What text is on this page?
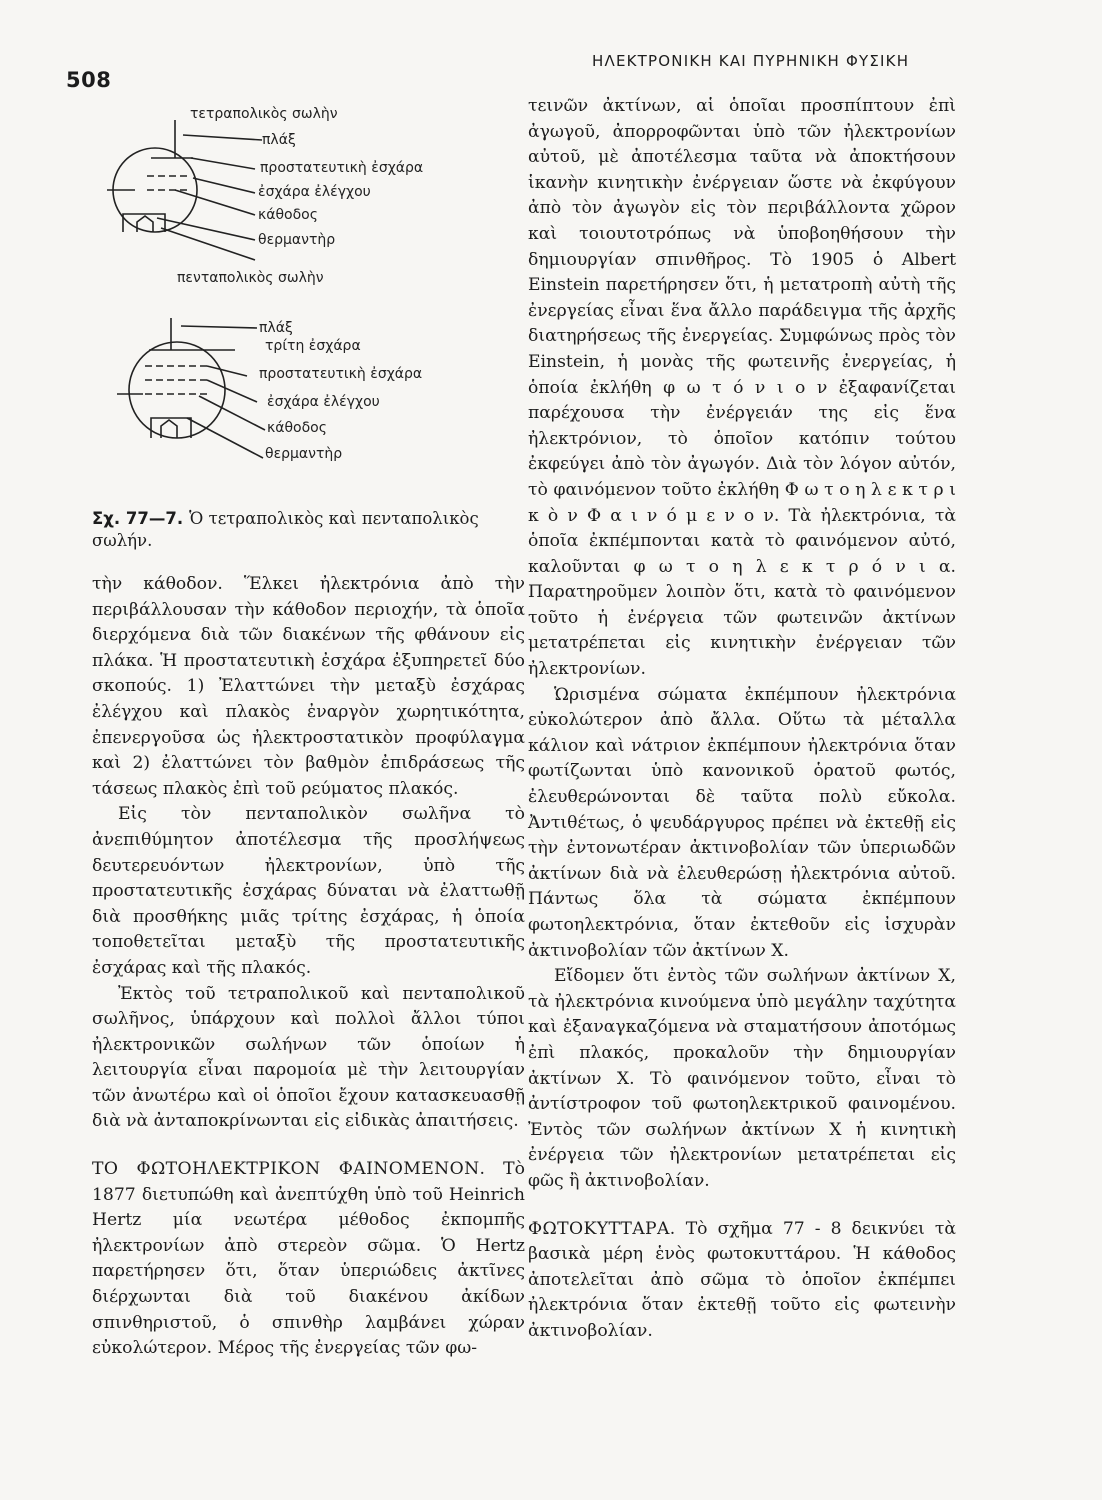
508
ΗΛΕΚΤΡΟΝΙΚΗ ΚΑΙ ΠΥΡΗΝΙΚΗ ΦΥΣΙΚΗ
τετραπολικὸς σωλὴν
πλάξ
προστατευτικὴ ἐσχάρα
ἐσχάρα ἐλέγχου
κάθοδος
θερμαντὴρ
πενταπολικὸς σωλὴν
πλάξ
τρίτη ἐσχάρα
προστατευτικὴ ἐσχάρα
ἐσχάρα ἐλέγχου
κάθοδος
θερμαντὴρ
Σχ. 77—7. Ὁ τετραπολικὸς καὶ πενταπολικὸς σωλήν.

τὴν κάθοδον. Ἕλκει ἠλεκτρόνια ἀπὸ τὴν περιβάλλουσαν τὴν κάθοδον περιοχήν, τὰ ὁποῖα διερχόμενα διὰ τῶν διακένων τῆς φθάνουν εἰς πλάκα. Ἡ προστατευτικὴ ἐσχάρα ἐξυπηρετεῖ δύο σκοπούς. 1) Ἐλαττώνει τὴν μεταξὺ ἐσχάρας ἐλέγχου καὶ πλακὸς ἐναργὸν χωρητικότητα, ἐπενεργοῦσα ὡς ἠλεκτροστατικὸν προφύλαγμα καὶ 2) ἐλαττώνει τὸν βαθμὸν ἐπιδράσεως τῆς τάσεως πλακὸς ἐπὶ τοῦ ρεύματος πλακός.

Εἰς τὸν πενταπολικὸν σωλῆνα τὸ ἀνεπιθύμητον ἀποτέλεσμα τῆς προσλήψεως δευτερευόντων ἠλεκτρονίων, ὑπὸ τῆς προστατευτικῆς ἐσχάρας δύναται νὰ ἐλαττωθῇ διὰ προσθήκης μιᾶς τρίτης ἐσχάρας, ἡ ὁποία τοποθετεῖται μεταξὺ τῆς προστατευτικῆς ἐσχάρας καὶ τῆς πλακός.

Ἐκτὸς τοῦ τετραπολικοῦ καὶ πενταπολικοῦ σωλῆνος, ὑπάρχουν καὶ πολλοὶ ἄλλοι τύποι ἠλεκτρονικῶν σωλήνων τῶν ὁποίων ἡ λειτουργία εἶναι παρομοία μὲ τὴν λειτουργίαν τῶν ἀνωτέρω καὶ οἱ ὁποῖοι ἔχουν κατασκευασθῇ διὰ νὰ ἀνταποκρίνωνται εἰς εἰδικὰς ἀπαιτήσεις.

ΤΟ ΦΩΤΟΗΛΕΚΤΡΙΚΟΝ ΦΑΙΝΟΜΕΝΟΝ. Τὸ 1877 διετυπώθη καὶ ἀνεπτύχθη ὑπὸ τοῦ Heinrich Hertz μία νεωτέρα μέθοδος ἐκπομπῆς ἠλεκτρονίων ἀπὸ στερεὸν σῶμα. Ὁ Hertz παρετήρησεν ὅτι, ὅταν ὑπεριώδεις ἀκτῖνες διέρχωνται διὰ τοῦ διακένου ἀκίδων σπινθηριστοῦ, ὁ σπινθὴρ λαμβάνει χώραν εὐκολώτερον. Μέρος τῆς ἐνεργείας τῶν φω-

τεινῶν ἀκτίνων, αἱ ὁποῖαι προσπίπτουν ἐπὶ ἀγωγοῦ, ἀπορροφῶνται ὑπὸ τῶν ἠλεκτρονίων αὐτοῦ, μὲ ἀποτέλεσμα ταῦτα νὰ ἀποκτήσουν ἱκανὴν κινητικὴν ἐνέργειαν ὥστε νὰ ἐκφύγουν ἀπὸ τὸν ἀγωγὸν εἰς τὸν περιβάλλοντα χῶρον καὶ τοιουτοτρόπως νὰ ὑποβοηθήσουν τὴν δημιουργίαν σπινθῆρος. Τὸ 1905 ὁ Albert Einstein παρετήρησεν ὅτι, ἡ μετατροπὴ αὐτὴ τῆς ἐνεργείας εἶναι ἕνα ἄλλο παράδειγμα τῆς ἀρχῆς διατηρήσεως τῆς ἐνεργείας. Συμφώνως πρὸς τὸν Einstein, ἡ μονὰς τῆς φωτεινῆς ἐνεργείας, ἡ ὁποία ἐκλήθη φ ω τ ό ν ι ο ν ἐξαφανίζεται παρέχουσα τὴν ἐνέργειάν της εἰς ἕνα ἠλεκτρόνιον, τὸ ὁποῖον κατόπιν τούτου ἐκφεύγει ἀπὸ τὸν ἀγωγόν. Διὰ τὸν λόγον αὐτόν, τὸ φαινόμενον τοῦτο ἐκλήθη Φ ω τ ο η λ ε κ τ ρ ι κ ὸ ν Φ α ι ν ό μ ε ν ο ν. Τὰ ἠλεκτρόνια, τὰ ὁποῖα ἐκπέμπονται κατὰ τὸ φαινόμενον αὐτό, καλοῦνται φ ω τ ο η λ ε κ τ ρ ό ν ι α. Παρατηροῦμεν λοιπὸν ὅτι, κατὰ τὸ φαινόμενον τοῦτο ἡ ἐνέργεια τῶν φωτεινῶν ἀκτίνων μετατρέπεται εἰς κινητικὴν ἐνέργειαν τῶν ἠλεκτρονίων.

Ὡρισμένα σώματα ἐκπέμπουν ἠλεκτρόνια εὐκολώτερον ἀπὸ ἄλλα. Οὕτω τὰ μέταλλα κάλιον καὶ νάτριον ἐκπέμπουν ἠλεκτρόνια ὅταν φωτίζωνται ὑπὸ κανονικοῦ ὁρατοῦ φωτός, ἐλευθερώνονται δὲ ταῦτα πολὺ εὔκολα. Ἀντιθέτως, ὁ ψευδάργυρος πρέπει νὰ ἐκτεθῇ εἰς τὴν ἐντονωτέραν ἀκτινοβολίαν τῶν ὑπεριωδῶν ἀκτίνων διὰ νὰ ἐλευθερώσῃ ἠλεκτρόνια αὐτοῦ. Πάντως ὅλα τὰ σώματα ἐκπέμπουν φωτοηλεκτρόνια, ὅταν ἐκτεθοῦν εἰς ἰσχυρὰν ἀκτινοβολίαν τῶν ἀκτίνων Χ.

Εἴδομεν ὅτι ἐντὸς τῶν σωλήνων ἀκτίνων Χ, τὰ ἠλεκτρόνια κινούμενα ὑπὸ μεγάλην ταχύτητα καὶ ἐξαναγκαζόμενα νὰ σταματήσουν ἀποτόμως ἐπὶ πλακός, προκαλοῦν τὴν δημιουργίαν ἀκτίνων Χ. Τὸ φαινόμενον τοῦτο, εἶναι τὸ ἀντίστροφον τοῦ φωτοηλεκτρικοῦ φαινομένου. Ἐντὸς τῶν σωλήνων ἀκτίνων Χ ἡ κινητικὴ ἐνέργεια τῶν ἠλεκτρονίων μετατρέπεται εἰς φῶς ἢ ἀκτινοβολίαν.

ΦΩΤΟΚΥΤΤΑΡΑ. Τὸ σχῆμα 77 - 8 δεικνύει τὰ βασικὰ μέρη ἑνὸς φωτοκυττάρου. Ἡ κάθοδος ἀποτελεῖται ἀπὸ σῶμα τὸ ὁποῖον ἐκπέμπει ἠλεκτρόνια ὅταν ἐκτεθῇ τοῦτο εἰς φωτεινὴν ἀκτινοβολίαν.
